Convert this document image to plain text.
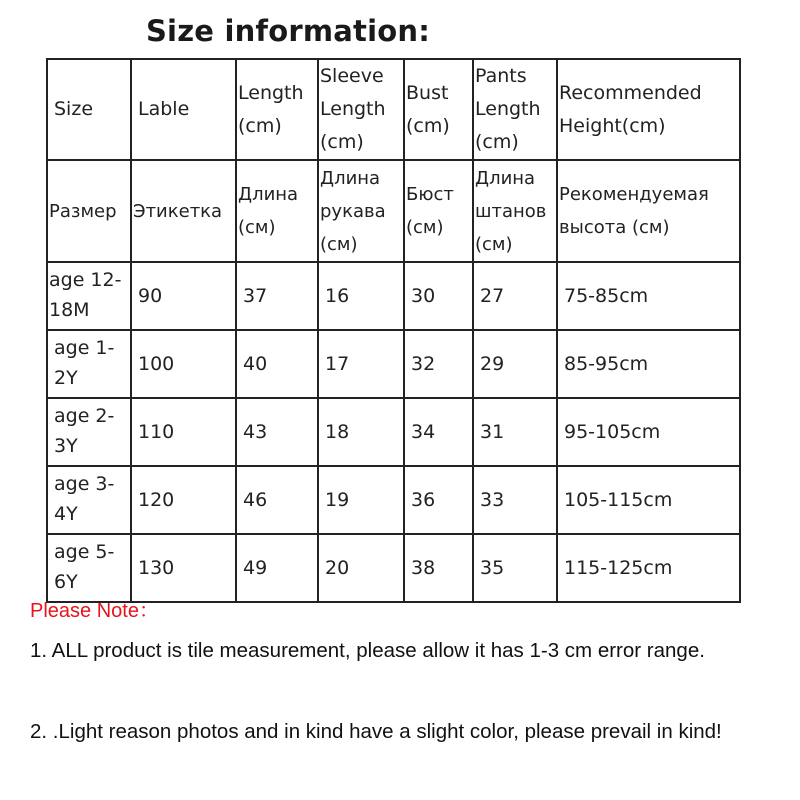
Size information:
Size	Lable	Length (cm)	Sleeve Length (cm)	Bust (cm)	Pants Length (cm)	Recommended Height(cm)
Размер	Этикетка	Длина (см)	Длина рукава (см)	Бюст (см)	Длина штанов (см)	Рекомендуемая высота (см)
age 12-18M	90	37	16	30	27	75-85cm
age 1-2Y	100	40	17	32	29	85-95cm
age 2-3Y	110	43	18	34	31	95-105cm
age 3-4Y	120	46	19	36	33	105-115cm
age 5-6Y	130	49	20	38	35	115-125cm
Please Note：
1. ALL product is tile measurement, please allow it has 1-3 cm error range.
2. .Light reason photos and in kind have a slight color, please prevail in kind!
